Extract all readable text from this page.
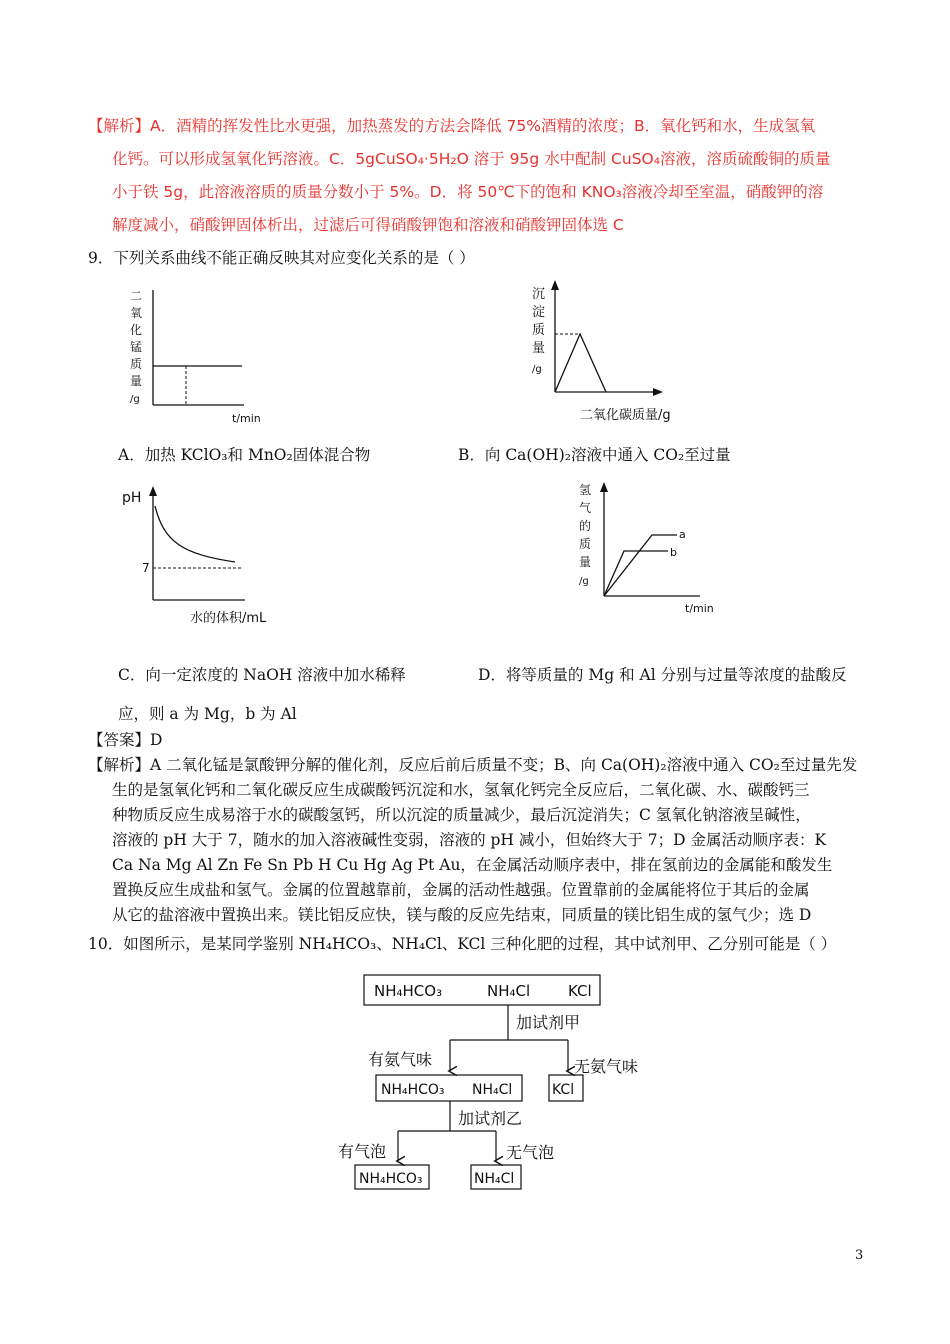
【解析】A．酒精的挥发性比水更强，加热蒸发的方法会降低 75%酒精的浓度；B．氧化钙和水，生成氢氧
化钙。可以形成氢氧化钙溶液。C．5gCuSO₄·5H₂O 溶于 95g 水中配制 CuSO₄溶液，溶质硫酸铜的质量
小于铁 5g，此溶液溶质的质量分数小于 5%。D．将 50℃下的饱和 KNO₃溶液冷却至室温，硝酸钾的溶
解度减小，硝酸钾固体析出，过滤后可得硝酸钾饱和溶液和硝酸钾固体选 C
9．下列关系曲线不能正确反映其对应变化关系的是（ ）
二
氧
化
锰
质
量
/g
t/min
沉
淀
质
量
/g
二氧化碳质量/g
A．加热 KClO₃和 MnO₂固体混合物	B．向 Ca(OH)₂溶液中通入 CO₂至过量
pH
7
水的体积/mL
氢
气
的
质
量
/g
a
b
t/min
C．向一定浓度的 NaOH 溶液中加水稀释	D．将等质量的 Mg 和 Al 分别与过量等浓度的盐酸反
应，则 a 为 Mg，b 为 Al
【答案】D
【解析】A 二氧化锰是氯酸钾分解的催化剂，反应后前后质量不变；B、向 Ca(OH)₂溶液中通入 CO₂至过量先发
生的是氢氧化钙和二氧化碳反应生成碳酸钙沉淀和水，氢氧化钙完全反应后，二氧化碳、水、碳酸钙三
种物质反应生成易溶于水的碳酸氢钙，所以沉淀的质量减少，最后沉淀消失；C 氢氧化钠溶液呈碱性，
溶液的 pH 大于 7，随水的加入溶液碱性变弱，溶液的 pH 减小，但始终大于 7；D 金属活动顺序表：K
Ca Na Mg Al Zn Fe Sn Pb H Cu Hg Ag Pt Au，在金属活动顺序表中，排在氢前边的金属能和酸发生
置换反应生成盐和氢气。金属的位置越靠前，金属的活动性越强。位置靠前的金属能将位于其后的金属
从它的盐溶液中置换出来。镁比铝反应快，镁与酸的反应先结束，同质量的镁比铝生成的氢气少；选 D
10．如图所示，是某同学鉴别 NH₄HCO₃、NH₄Cl、KCl 三种化肥的过程，其中试剂甲、乙分别可能是（ ）
NH₄HCO₃	NH₄Cl	KCl
加试剂甲
有氨气味	无氨气味
NH₄HCO₃ NH₄Cl	KCl
加试剂乙
有气泡	无气泡
NH₄HCO₃	NH₄Cl
3
